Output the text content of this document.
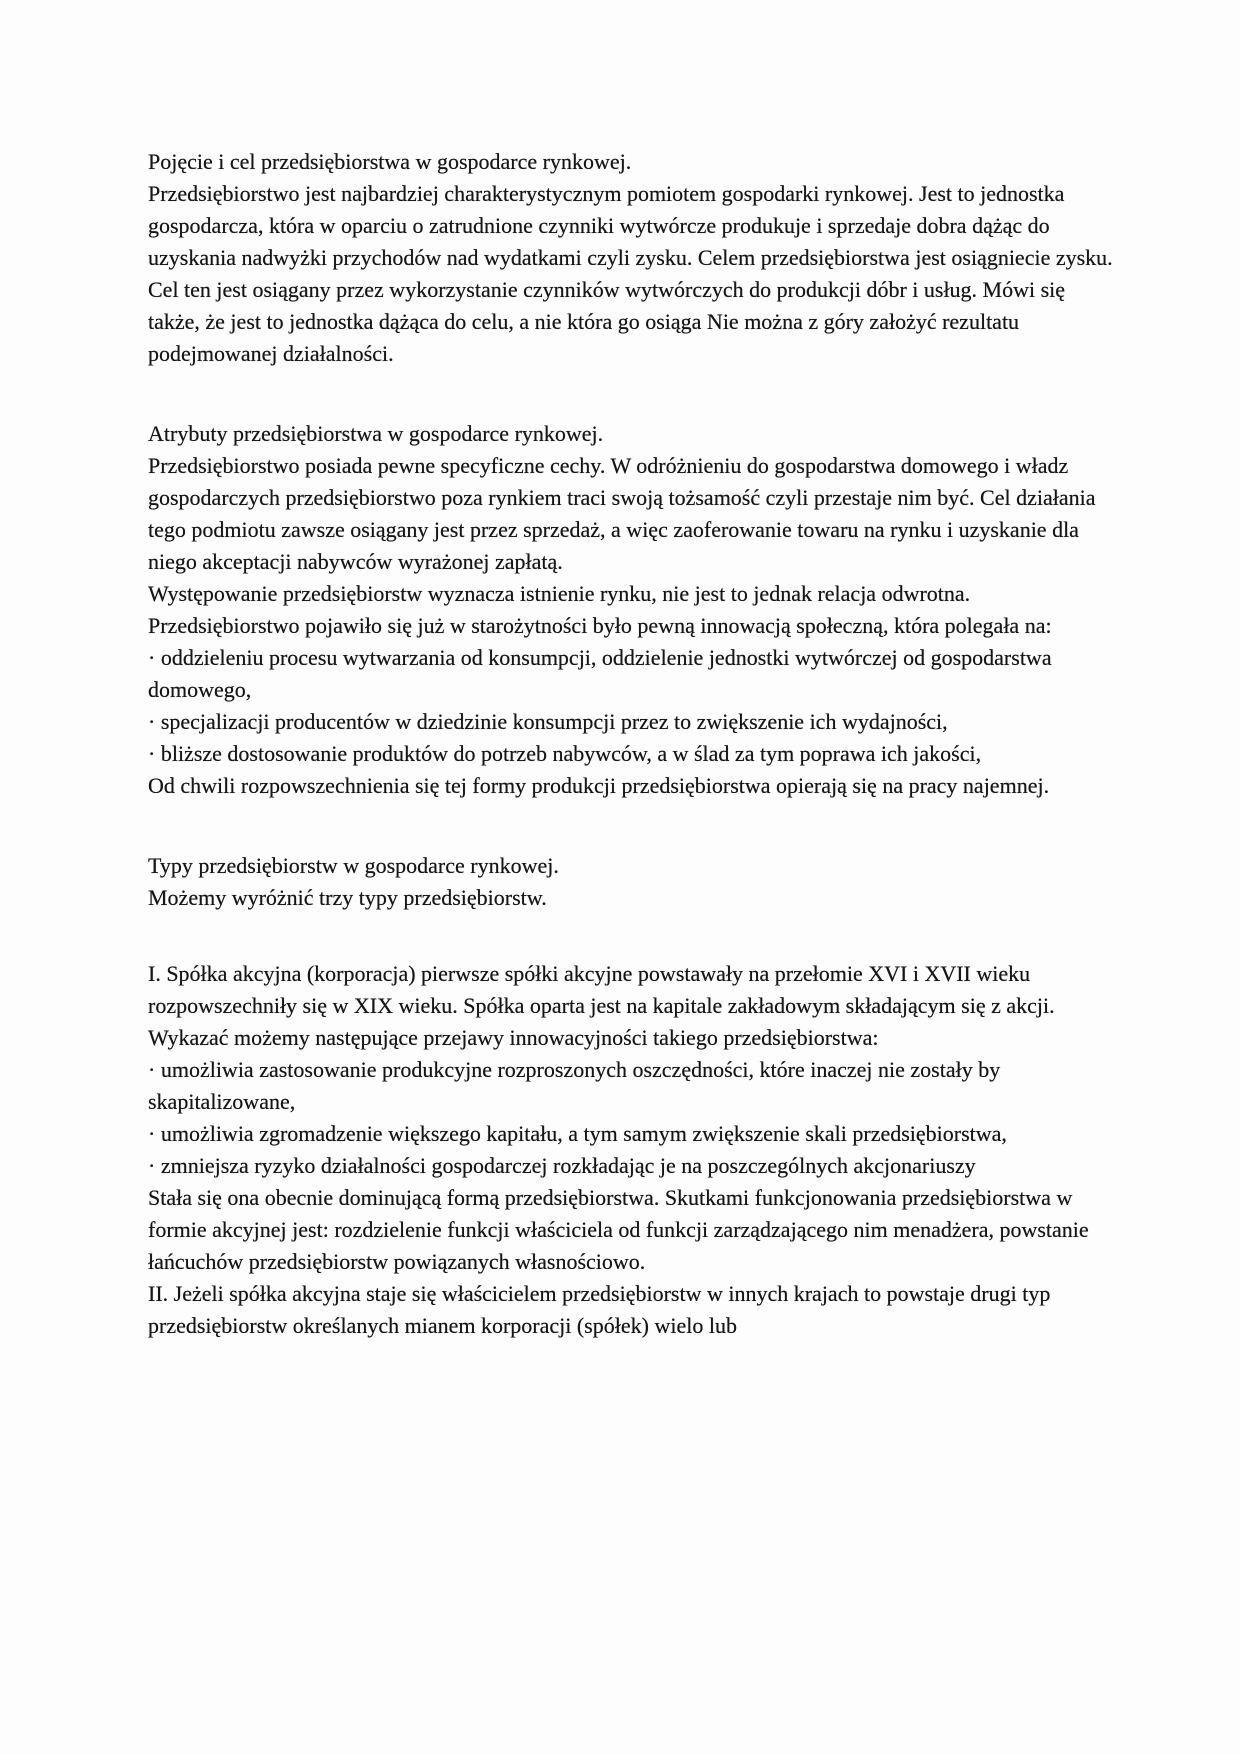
Pojęcie i cel przedsiębiorstwa w gospodarce rynkowej.
Przedsiębiorstwo jest najbardziej charakterystycznym pomiotem gospodarki rynkowej. Jest to jednostka gospodarcza, która w oparciu o zatrudnione czynniki wytwórcze produkuje i sprzedaje dobra dążąc do uzyskania nadwyżki przychodów nad wydatkami czyli zysku. Celem przedsiębiorstwa jest osiągniecie zysku. Cel ten jest osiągany przez wykorzystanie czynników wytwórczych do produkcji dóbr i usług. Mówi się także, że jest to jednostka dążąca do celu, a nie która go osiąga Nie można z góry założyć rezultatu podejmowanej działalności.
Atrybuty przedsiębiorstwa w gospodarce rynkowej.
Przedsiębiorstwo posiada pewne specyficzne cechy. W odróżnieniu do gospodarstwa domowego i władz gospodarczych przedsiębiorstwo poza rynkiem traci swoją tożsamość czyli przestaje nim być. Cel działania tego podmiotu zawsze osiągany jest przez sprzedaż, a więc zaoferowanie towaru na rynku i uzyskanie dla niego akceptacji nabywców wyrażonej zapłatą.
Występowanie przedsiębiorstw wyznacza istnienie rynku, nie jest to jednak relacja odwrotna. Przedsiębiorstwo pojawiło się już w starożytności było pewną innowacją społeczną, która polegała na:
· oddzieleniu procesu wytwarzania od konsumpcji, oddzielenie jednostki wytwórczej od gospodarstwa domowego,
· specjalizacji producentów w dziedzinie konsumpcji przez to zwiększenie ich wydajności,
· bliższe dostosowanie produktów do potrzeb nabywców, a w ślad za tym poprawa ich jakości,
Od chwili rozpowszechnienia się tej formy produkcji przedsiębiorstwa opierają się na pracy najemnej.
Typy przedsiębiorstw w gospodarce rynkowej.
Możemy wyróżnić trzy typy przedsiębiorstw.
I. Spółka akcyjna (korporacja) pierwsze spółki akcyjne powstawały na przełomie XVI i XVII wieku rozpowszechniły się w XIX wieku. Spółka oparta jest na kapitale zakładowym składającym się z akcji. Wykazać możemy następujące przejawy innowacyjności takiego przedsiębiorstwa:
· umożliwia zastosowanie produkcyjne rozproszonych oszczędności, które inaczej nie zostały by skapitalizowane,
· umożliwia zgromadzenie większego kapitału, a tym samym zwiększenie skali przedsiębiorstwa,
· zmniejsza ryzyko działalności gospodarczej rozkładając je na poszczególnych akcjonariuszy
Stała się ona obecnie dominującą formą przedsiębiorstwa. Skutkami funkcjonowania przedsiębiorstwa w formie akcyjnej jest: rozdzielenie funkcji właściciela od funkcji zarządzającego nim menadżera, powstanie łańcuchów przedsiębiorstw powiązanych własnościowo.
II. Jeżeli spółka akcyjna staje się właścicielem przedsiębiorstw w innych krajach to powstaje drugi typ przedsiębiorstw określanych mianem korporacji (spółek) wielo lub
